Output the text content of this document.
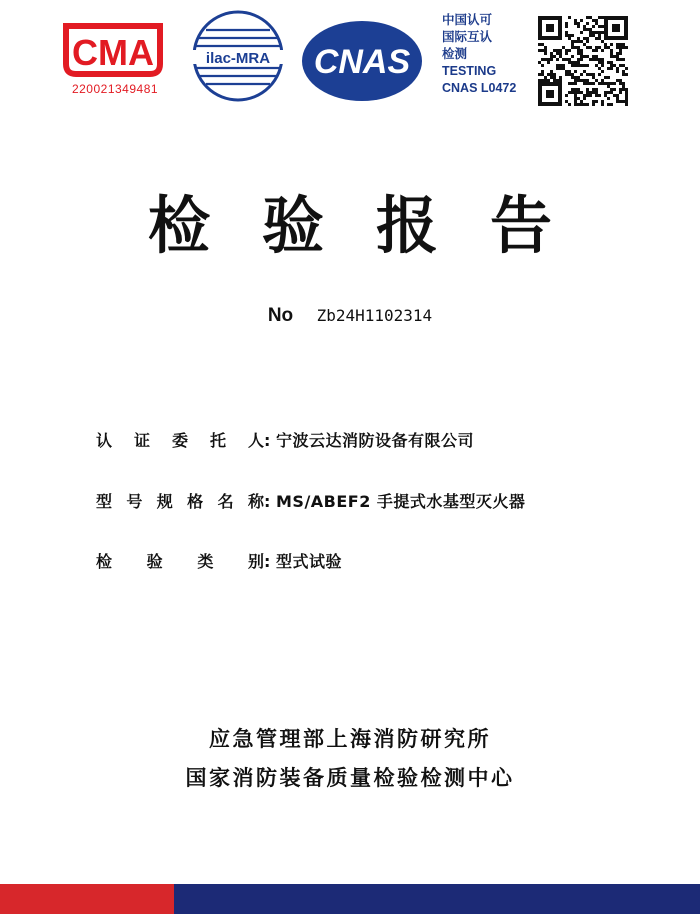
CMA
220021349481
ilac-MRA CNAS
中国认可
国际互认
检测
TESTING
CNAS L0472
检验报告
No Zb24H1102314
认 证 委 托 人 : 宁波云达消防设备有限公司
型 号 规 格 名 称 : MS/ABEF2 手提式水基型灭火器
检 验 类 别 : 型式试验
应急管理部上海消防研究所
国家消防装备质量检验检测中心
